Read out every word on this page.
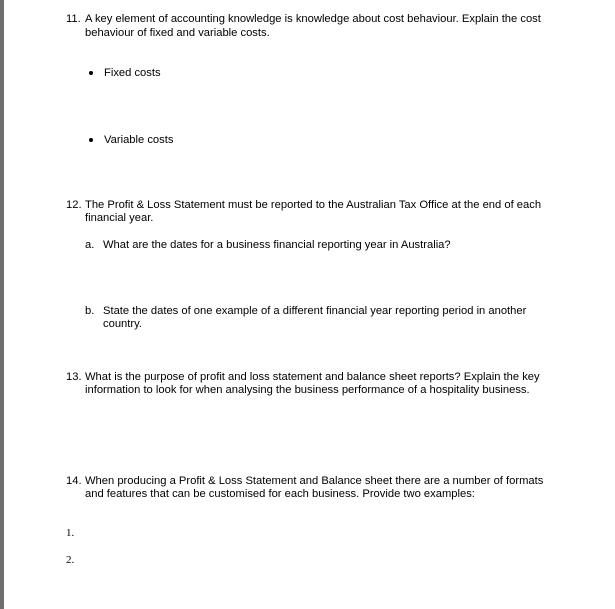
11. A key element of accounting knowledge is knowledge about cost behaviour. Explain the cost
behaviour of fixed and variable costs.
Fixed costs
Variable costs
12. The Profit & Loss Statement must be reported to the Australian Tax Office at the end of each
financial year.
a. What are the dates for a business financial reporting year in Australia?
b. State the dates of one example of a different financial year reporting period in another
country.
13. What is the purpose of profit and loss statement and balance sheet reports? Explain the key
information to look for when analysing the business performance of a hospitality business.
14. When producing a Profit & Loss Statement and Balance sheet there are a number of formats
and features that can be customised for each business. Provide two examples:
1.
2.
